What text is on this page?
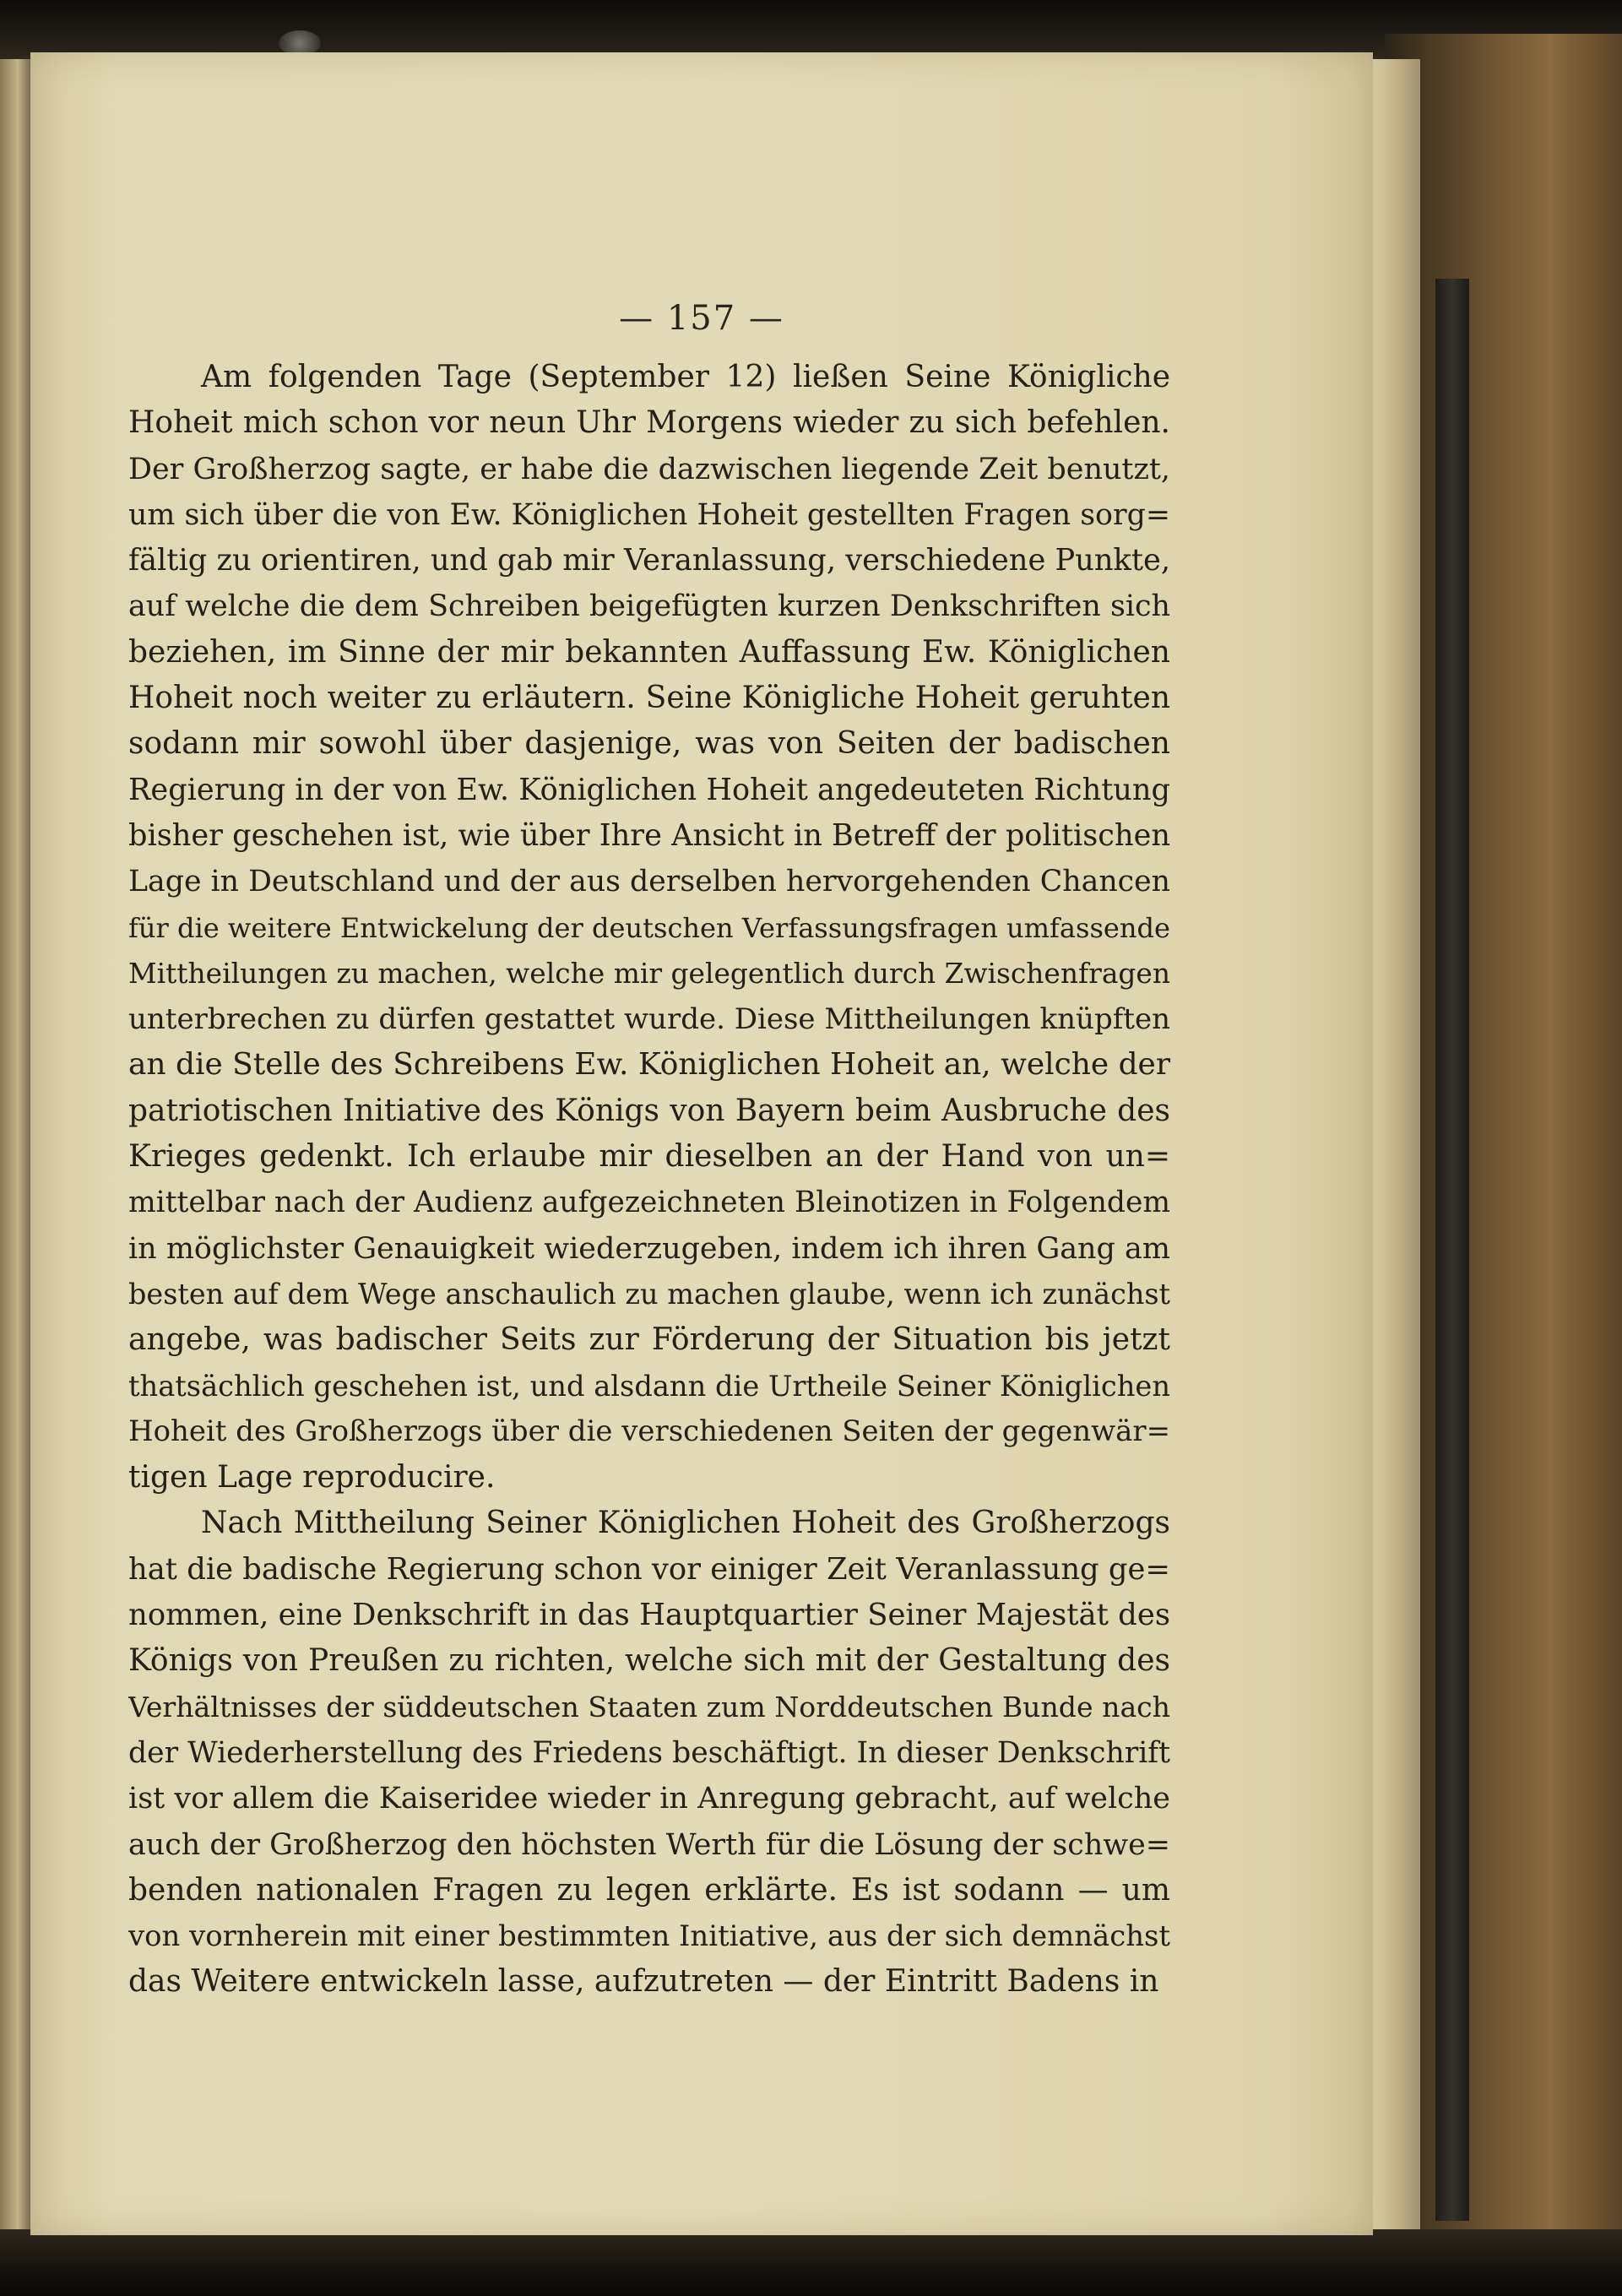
— 157 —
Am folgenden Tage (September 12) ließen Seine Königliche
Hoheit mich schon vor neun Uhr Morgens wieder zu sich befehlen.
Der Großherzog sagte, er habe die dazwischen liegende Zeit benutzt,
um sich über die von Ew. Königlichen Hoheit gestellten Fragen sorg=
fältig zu orientiren, und gab mir Veranlassung, verschiedene Punkte,
auf welche die dem Schreiben beigefügten kurzen Denkschriften sich
beziehen, im Sinne der mir bekannten Auffassung Ew. Königlichen
Hoheit noch weiter zu erläutern. Seine Königliche Hoheit geruhten
sodann mir sowohl über dasjenige, was von Seiten der badischen
Regierung in der von Ew. Königlichen Hoheit angedeuteten Richtung
bisher geschehen ist, wie über Ihre Ansicht in Betreff der politischen
Lage in Deutschland und der aus derselben hervorgehenden Chancen
für die weitere Entwickelung der deutschen Verfassungsfragen umfassende
Mittheilungen zu machen, welche mir gelegentlich durch Zwischenfragen
unterbrechen zu dürfen gestattet wurde. Diese Mittheilungen knüpften
an die Stelle des Schreibens Ew. Königlichen Hoheit an, welche der
patriotischen Initiative des Königs von Bayern beim Ausbruche des
Krieges gedenkt. Ich erlaube mir dieselben an der Hand von un=
mittelbar nach der Audienz aufgezeichneten Bleinotizen in Folgendem
in möglichster Genauigkeit wiederzugeben, indem ich ihren Gang am
besten auf dem Wege anschaulich zu machen glaube, wenn ich zunächst
angebe, was badischer Seits zur Förderung der Situation bis jetzt
thatsächlich geschehen ist, und alsdann die Urtheile Seiner Königlichen
Hoheit des Großherzogs über die verschiedenen Seiten der gegenwär=
tigen Lage reproducire.
Nach Mittheilung Seiner Königlichen Hoheit des Großherzogs
hat die badische Regierung schon vor einiger Zeit Veranlassung ge=
nommen, eine Denkschrift in das Hauptquartier Seiner Majestät des
Königs von Preußen zu richten, welche sich mit der Gestaltung des
Verhältnisses der süddeutschen Staaten zum Norddeutschen Bunde nach
der Wiederherstellung des Friedens beschäftigt. In dieser Denkschrift
ist vor allem die Kaiseridee wieder in Anregung gebracht, auf welche
auch der Großherzog den höchsten Werth für die Lösung der schwe=
benden nationalen Fragen zu legen erklärte. Es ist sodann — um
von vornherein mit einer bestimmten Initiative, aus der sich demnächst
das Weitere entwickeln lasse, aufzutreten — der Eintritt Badens in
